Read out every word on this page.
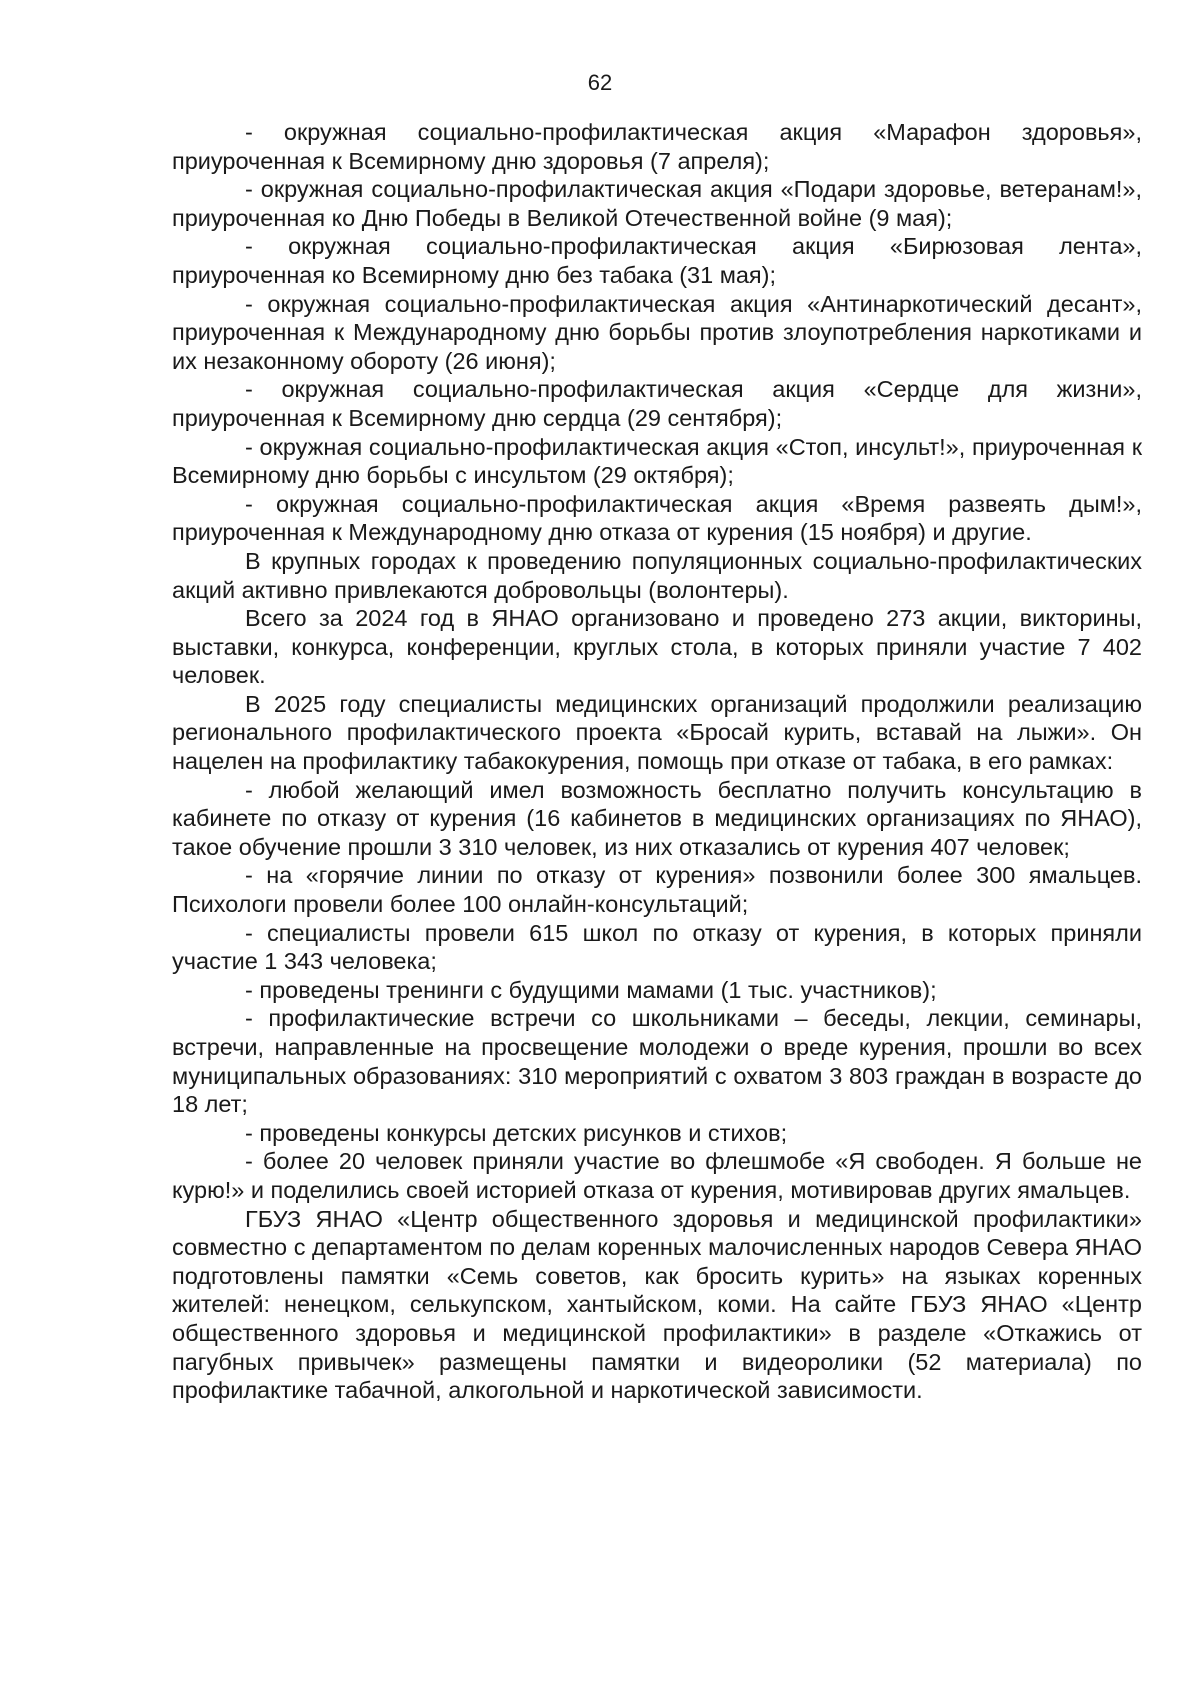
62

- окружная социально-профилактическая акция «Марафон здоровья», приуроченная к Всемирному дню здоровья (7 апреля);

- окружная социально-профилактическая акция «Подари здоровье, ветеранам!», приуроченная ко Дню Победы в Великой Отечественной войне (9 мая);

- окружная социально-профилактическая акция «Бирюзовая лента», приуроченная ко Всемирному дню без табака (31 мая);

- окружная социально-профилактическая акция «Антинаркотический десант», приуроченная к Международному дню борьбы против злоупотребления наркотиками и их незаконному обороту (26 июня);

- окружная социально-профилактическая акция «Сердце для жизни», приуроченная к Всемирному дню сердца (29 сентября);

- окружная социально-профилактическая акция «Стоп, инсульт!», приуроченная к Всемирному дню борьбы с инсультом (29 октября);

- окружная социально-профилактическая акция «Время развеять дым!», приуроченная к Международному дню отказа от курения (15 ноября) и другие.

В крупных городах к проведению популяционных социально-профилактических акций активно привлекаются добровольцы (волонтеры).

Всего за 2024 год в ЯНАО организовано и проведено 273 акции, викторины, выставки, конкурса, конференции, круглых стола, в которых приняли участие 7 402 человек.

В 2025 году специалисты медицинских организаций продолжили реализацию регионального профилактического проекта «Бросай курить, вставай на лыжи». Он нацелен на профилактику табакокурения, помощь при отказе от табака, в его рамках:

- любой желающий имел возможность бесплатно получить консультацию в кабинете по отказу от курения (16 кабинетов в медицинских организациях по ЯНАО), такое обучение прошли 3 310 человек, из них отказались от курения 407 человек;

- на «горячие линии по отказу от курения» позвонили более 300 ямальцев. Психологи провели более 100 онлайн-консультаций;

- специалисты провели 615 школ по отказу от курения, в которых приняли участие 1 343 человека;

- проведены тренинги с будущими мамами (1 тыс. участников);

- профилактические встречи со школьниками – беседы, лекции, семинары, встречи, направленные на просвещение молодежи о вреде курения, прошли во всех муниципальных образованиях: 310 мероприятий с охватом 3 803 граждан в возрасте до 18 лет;

- проведены конкурсы детских рисунков и стихов;

- более 20 человек приняли участие во флешмобе «Я свободен. Я больше не курю!» и поделились своей историей отказа от курения, мотивировав других ямальцев.

ГБУЗ ЯНАО «Центр общественного здоровья и медицинской профилактики» совместно с департаментом по делам коренных малочисленных народов Севера ЯНАО подготовлены памятки «Семь советов, как бросить курить» на языках коренных жителей: ненецком, селькупском, хантыйском, коми. На сайте ГБУЗ ЯНАО «Центр общественного здоровья и медицинской профилактики» в разделе «Откажись от пагубных привычек» размещены памятки и видеоролики (52 материала) по профилактике табачной, алкогольной и наркотической зависимости.
